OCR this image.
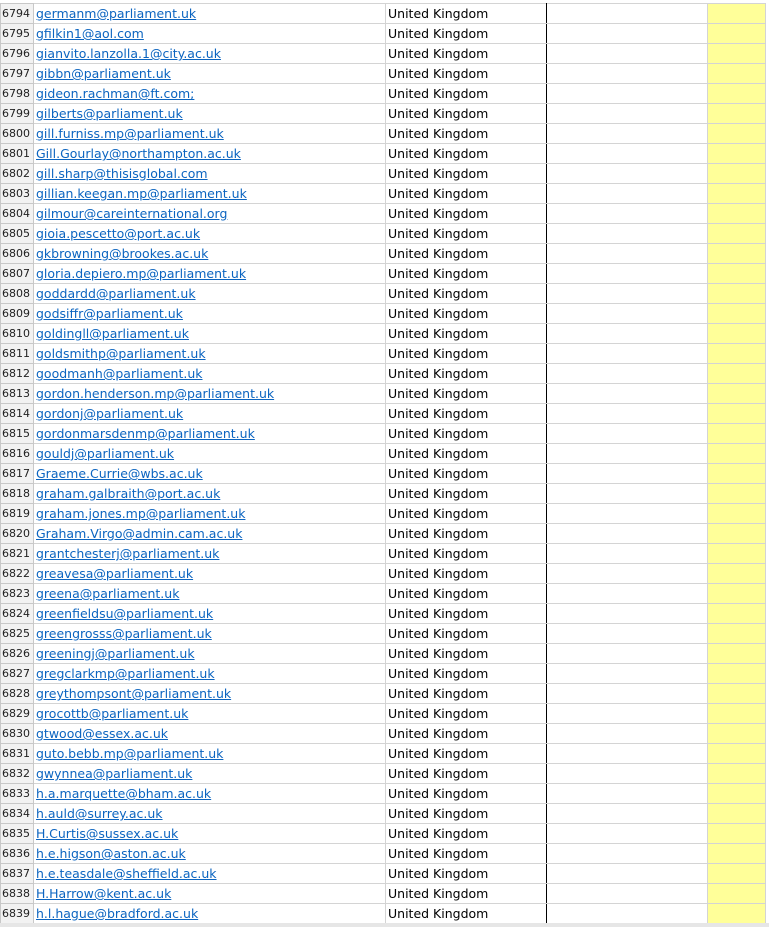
6794	germanm@parliament.uk	United Kingdom		
6795	gfilkin1@aol.com	United Kingdom		
6796	gianvito.lanzolla.1@city.ac.uk	United Kingdom		
6797	gibbn@parliament.uk	United Kingdom		
6798	gideon.rachman@ft.com;	United Kingdom		
6799	gilberts@parliament.uk	United Kingdom		
6800	gill.furniss.mp@parliament.uk	United Kingdom		
6801	Gill.Gourlay@northampton.ac.uk	United Kingdom		
6802	gill.sharp@thisisglobal.com	United Kingdom		
6803	gillian.keegan.mp@parliament.uk	United Kingdom		
6804	gilmour@careinternational.org	United Kingdom		
6805	gioia.pescetto@port.ac.uk	United Kingdom		
6806	gkbrowning@brookes.ac.uk	United Kingdom		
6807	gloria.depiero.mp@parliament.uk	United Kingdom		
6808	goddardd@parliament.uk	United Kingdom		
6809	godsiffr@parliament.uk	United Kingdom		
6810	goldingll@parliament.uk	United Kingdom		
6811	goldsmithp@parliament.uk	United Kingdom		
6812	goodmanh@parliament.uk	United Kingdom		
6813	gordon.henderson.mp@parliament.uk	United Kingdom		
6814	gordonj@parliament.uk	United Kingdom		
6815	gordonmarsdenmp@parliament.uk	United Kingdom		
6816	gouldj@parliament.uk	United Kingdom		
6817	Graeme.Currie@wbs.ac.uk	United Kingdom		
6818	graham.galbraith@port.ac.uk	United Kingdom		
6819	graham.jones.mp@parliament.uk	United Kingdom		
6820	Graham.Virgo@admin.cam.ac.uk	United Kingdom		
6821	grantchesterj@parliament.uk	United Kingdom		
6822	greavesa@parliament.uk	United Kingdom		
6823	greena@parliament.uk	United Kingdom		
6824	greenfieldsu@parliament.uk	United Kingdom		
6825	greengrosss@parliament.uk	United Kingdom		
6826	greeningj@parliament.uk	United Kingdom		
6827	gregclarkmp@parliament.uk	United Kingdom		
6828	greythompsont@parliament.uk	United Kingdom		
6829	grocottb@parliament.uk	United Kingdom		
6830	gtwood@essex.ac.uk	United Kingdom		
6831	guto.bebb.mp@parliament.uk	United Kingdom		
6832	gwynnea@parliament.uk	United Kingdom		
6833	h.a.marquette@bham.ac.uk	United Kingdom		
6834	h.auld@surrey.ac.uk	United Kingdom		
6835	H.Curtis@sussex.ac.uk	United Kingdom		
6836	h.e.higson@aston.ac.uk	United Kingdom		
6837	h.e.teasdale@sheffield.ac.uk	United Kingdom		
6838	H.Harrow@kent.ac.uk	United Kingdom		
6839	h.l.hague@bradford.ac.uk	United Kingdom		
